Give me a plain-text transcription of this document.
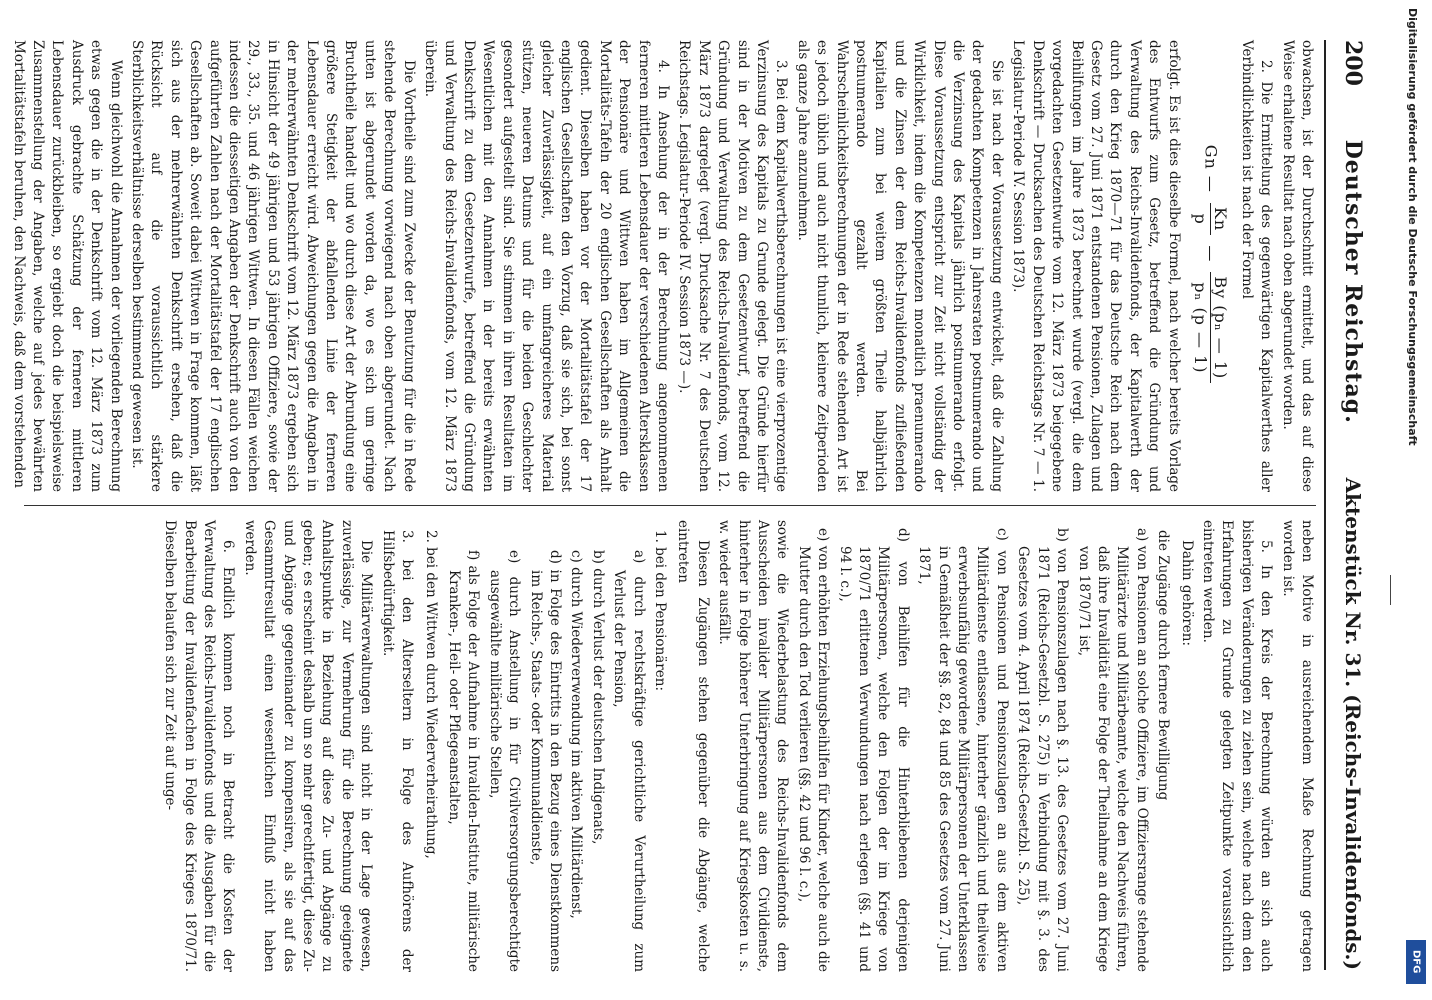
200
Deutscher Reichstag.
Aktenstück Nr. 31. (Reichs-Invalidenfonds.)

obwachsen, ist der Durchschnitt ermittelt, und das auf diese Weise erhaltene Resultat nach oben abgerundet worden.

2. Die Ermittelung des gegenwärtigen Kapitalwerthes aller Verbindlichkeiten ist nach der Formel

Gn —
Kn
p
—
By (pₙ — 1)
pₙ (p — 1)

erfolgt. Es ist dies dieselbe Formel, nach welcher bereits Vorlage des Entwurfs zum Gesetz, betreffend die Gründung und Verwaltung des Reichs-Invalidenfonds, der Kapitalwerth der durch den Krieg 1870—71 für das Deutsche Reich nach dem Gesetz vom 27. Juni 1871 entstandenen Pensionen, Zulagen und Beihilfungen im Jahre 1873 berechnet wurde (vergl. die dem vorgedachten Gesetzentwurfe vom 12. März 1873 beigegebene Denkschrift — Drucksachen des Deutschen Reichstags Nr. 7 — 1. Legislatur-Periode IV. Session 1873).

Sie ist nach der Voraussetzung entwickelt, daß die Zahlung der gedachten Kompetenzen in Jahresraten postnumerando und die Verzinsung des Kapitals jährlich postnumerando erfolgt. Diese Voraussetzung entspricht zur Zeit nicht vollständig der Wirklichkeit, indem die Kompetenzen monatlich praenumerando und die Zinsen der dem Reichs-Invalidenfonds zufließenden Kapitalien zum bei weitem größten Theile halbjährlich postnumerando gezahlt werden. Bei Wahrscheinlichkeitsberechnungen der in Rede stehenden Art ist es jedoch üblich und auch nicht thunlich, kleinere Zeitperioden als ganze Jahre anzunehmen.

3. Bei dem Kapitalwerthsberechnungen ist eine vierprozentige Verzinsung des Kapitals zu Grunde gelegt. Die Gründe hierfür sind in der Motiven zu dem Gesetzentwurf, betreffend die Gründung und Verwaltung des Reichs-Invalidenfonds, vom 12. März 1873 dargelegt (vergl. Drucksache Nr. 7 des Deutschen Reichstags. Legislatur-Periode IV. Session 1873 —).

4. In Ansehung der in der Berechnung angenommenen ferneren mittleren Lebensdauer der verschiedenen Altersklassen der Pensionäre und Wittwen haben im Allgemeinen die Mortalitäts-Tafeln der 20 englischen Gesellschaften als Anhalt gedient. Dieselben haben vor der Mortalitätstafel der 17 englischen Gesellschaften den Vorzug, daß sie sich, bei sonst gleicher Zuverlässigkeit, auf ein umfangreicheres Material stützen, neueren Datums und für die beiden Geschlechter gesondert aufgestellt sind. Sie stimmen in ihren Resultaten im Wesentlichen mit den Annahmen in der bereits erwähnten Denkschrift zu dem Gesetzentwurfe, betreffend die Gründung und Verwaltung des Reichs-Invalidenfonds, vom 12. März 1873 überein.

Die Vortheile sind zum Zwecke der Benutzung für die in Rede stehende Berechnung vorwiegend nach oben abgerundet. Nach unten ist abgerundet worden da, wo es sich um geringe Bruchtheile handelt und wo durch diese Art der Abrundung eine größere Stetigkeit der abfallenden Linie der ferneren Lebensdauer erreicht wird. Abweichungen gegen die Angaben in der mehrerwähnten Denkschrift vom 12. März 1873 ergeben sich in Hinsicht der 49 jährigen und 53 jährigen Offiziere, sowie der 29., 33., 35. und 46 jährigen Wittwen. In diesen Fällen weichen indessen die diesseitigen Angaben der Denkschrift auch von den aufgeführten Zahlen nach der Mortalitätstafel der 17 englischen Gesellschaften ab. Soweit dabei Wittwen in Frage kommen, läßt sich aus der mehrerwähnten Denkschrift ersehen, daß die Rücksicht auf die voraussichtlich stärkere Sterblichkeitsverhältnisse derselben bestimmend gewesen ist.

Wenn gleichwohl die Annahmen der vorliegenden Berechnung etwas gegen die in der Denkschrift vom 12. März 1873 zum Ausdruck gebrachte Schätzung der ferneren mittleren Lebensdauer zurückbleiben, so ergiebt doch die beispielsweise Zusammenstellung der Angaben, welche auf jedes bewährten Mortalitätstafeln beruhen, den Nachweis, daß dem vorstehenden

neben Motive in ausreichendem Maße Rechnung getragen worden ist.

5. In den Kreis der Berechnung würden an sich auch bisherigen Veränderungen zu ziehen sein, welche nach dem den Erfahrungen zu Grunde gelegten Zeitpunkte voraussichtlich eintreten werden.

Dahin gehören:

die Zugänge durch fernere Bewilligung
a) von Pensionen an solche Offiziere, im Offiziersrange stehende Militärärzte und Militärbeamte, welche den Nachweis führen, daß ihre Invalidität eine Folge der Theilnahme an dem Kriege von 1870/71 ist,
b) von Pensionszulagen nach §. 13. des Gesetzes vom 27. Juni 1871 (Reichs-Gesetzbl. S. 275) in Verbindung mit §. 3. des Gesetzes vom 4. April 1874 (Reichs-Gesetzbl. S. 25),
c) von Pensionen und Pensionszulagen an aus dem aktiven Militärdienste entlassene, hinterher gänzlich und theilweise erwerbsunfähig gewordene Militärpersonen der Unterklassen in Gemäßheit der §§. 82, 84 und 85 des Gesetzes vom 27. Juni 1871,
d) von Beihilfen für die Hinterbliebenen derjenigen Militärpersonen, welche den Folgen der im Kriege von 1870/71 erlittenen Verwundungen nach erlegen (§§. 41 und 94 l. c.),
e) von erhöhten Erziehungsbeihilfen für Kinder, welche auch die Mutter durch den Tod verlieren (§§. 42 und 96 l. c.),

sowie die Wiederbelastung des Reichs-Invalidenfonds dem Ausscheiden invalider Militärpersonen aus dem Civildienste, hinterher in Folge höherer Unterbringung auf Kriegskosten u. s. w. wieder ausfällt.

Diesen Zugängen stehen gegenüber die Abgänge, welche eintreten

1. bei den Pensionären:
a) durch rechtskräftige gerichtliche Verurtheilung zum Verlust der Pension,
b) durch Verlust der deutschen Indigenats,
c) durch Wiederverwendung im aktiven Militärdienst,
d) in Folge des Eintritts in den Bezug eines Dienstkommens im Reichs-, Staats- oder Kommunaldienste,
e) durch Anstellung in für Civilversorgungsberechtigte ausgewählte militärische Stellen,
f) als Folge der Aufnahme in Invaliden-Institute, militärische Kranken-, Heil- oder Pflegeanstalten,
2. bei den Wittwen durch Wiederverheirathung,
3. bei den Alterseltern in Folge des Aufhörens der Hilfsbedürftigkeit.

Die Militärverwaltungen sind nicht in der Lage gewesen, zuverlässige, zur Vermehrung für die Berechnung geeignete Anhaltspunkte in Beziehung auf diese Zu- und Abgänge zu geben; es erscheint deshalb um so mehr gerechtfertigt, diese Zu- und Abgänge gegeneinander zu kompensiren, als sie auf das Gesammtresultat einen wesentlichen Einfluß nicht haben werden.

6. Endlich kommen noch in Betracht die Kosten der Verwaltung des Reichs-Invalidenfonds und die Ausgaben für die Bearbeitung der Invalidenfachen in Folge des Krieges 1870/71. Dieselben belaufen sich zur Zeit auf unge-

Digitalisierung gefördert durch die Deutsche Forschungsgemeinschaft
DFG
